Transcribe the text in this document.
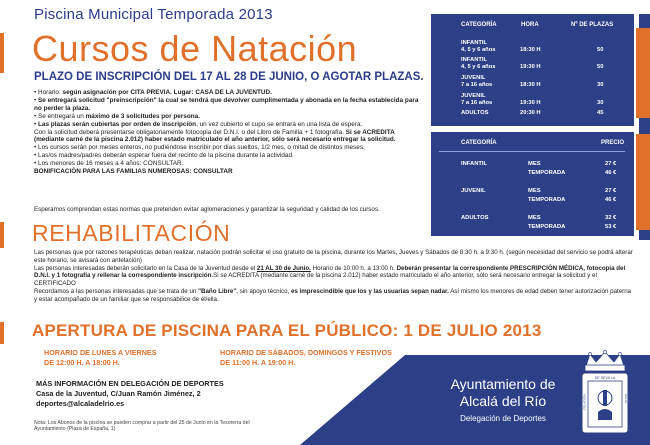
Piscina Municipal Temporada 2013
Cursos de Natación
PLAZO DE INSCRIPCIÓN DEL 17 AL 28 DE JUNIO, O AGOTAR PLAZAS.
• Horario: según asignación por CITA PREVIA. Lugar: CASA DE LA JUVENTUD.
• Se entregará solicitud "preinscripción" la cual se tendrá que devolver cumplimentada y abonada en la fecha establecida para no perder la plaza.
• Se entregará un máximo de 3 solicitudes por persona.
• Las plazas serán cubiertas por orden de inscripción, un vez cubierto el cupo se entrará en una lista de espera.
Con la solicitud deberá presentarse obligatoriamente fotocopia del D.N.I. o del Libro de Familia + 1 fotografía. Si se ACREDITA (mediante carné de la piscina 2.012) haber estado matriculado el año anterior, sólo será necesario entregar la solicitud.
• Los cursos serán por meses enteros, no pudiéndose inscribir por días sueltos, 1/2 mes, o mitad de distintos meses.
• Las/os madres/padres deberán esperar fuera del recinto de la piscina durante la actividad.
• Los menores de 16 meses a 4 años: CONSULTAR.
BONIFICACIÓN PARA LAS FAMILIAS NUMEROSAS: CONSULTAR
Esperamos comprendan estas normas que pretenden evitar aglomeraciones y garantizar la seguridad y calidad de los cursos.
CATEGORÍA	HORA	Nº DE PLAZAS
INFANTIL
4, 5 y 6 años	18:30 H	50
INFANTIL
4, 5 y 6 años	19:30 H	50
JUVENIL
7 a 16 años	18:30 H	30
JUVENIL
7 a 16 años	19:30 H	30
ADULTOS	20:30 H	45
CATEGORÍA	PRECIO
INFANTIL	MES	27 €
TEMPORADA	46 €
JUVENIL	MES	27 €
TEMPORADA	46 €
ADULTOS	MES	32 €
TEMPORADA	53 €
REHABILITACIÓN
Las personas que por razones terapéuticas deban realizar, natación podrán solicitar el uso gratuito de la piscina, durante los Martes, Jueves y Sábados de 8:30 h. a 9:30 h. (según necesidad del servicio se podrá alterar este horario, se avisará con antelación)
Las personas interesadas deberán solicitarlo en la Casa de la Juventud desde el 21 AL 30 de Junio. Horario de 10:00 h. a 13:00 h. Deberán presentar la correspondiente PRESCRIPCIÓN MÉDICA, fotocopia del D.N.I. y 1 fotografía y rellenar la correspondiente inscripción.Si se ACREDITA (mediante carné de la piscina 2.012) haber estado matriculado el año anterior, sólo será necesario entregar la solicitud y el CERTIFICADO
Recordamos a las personas interesadas que se trata de un "Baño Libre", sin apoyo técnico, es imprescindible que los y las usuarias sepan nadar. Así mismo los menores de edad deben tener autorización paterna y estar acompañado de un familiar que se responsabilice de él/ella.
APERTURA DE PISCINA PARA EL PÚBLICO: 1 DE JULIO 2013
HORARIO DE LUNES A VIERNES
DE 12:00 H. A 18:00 H.
HORARIO DE SÁBADOS, DOMINGOS Y FESTIVOS
DE 11:00 H. A 19:00 H.
MÁS INFORMACIÓN EN DELEGACIÓN DE DEPORTES
Casa de la Juventud, C/Juan Ramón Jiménez, 2
deportes@alcaladelrio.es
Nota: Los Abonos de la piscina se pueden comprar a partir del 25 de Junio en la Tesorería del Ayuntamiento (Plaza de España, 1)
Ayuntamiento de
Alcalá del Río
Delegación de Deportes
DE SEVILLA
COLACIÓN	CALLE
